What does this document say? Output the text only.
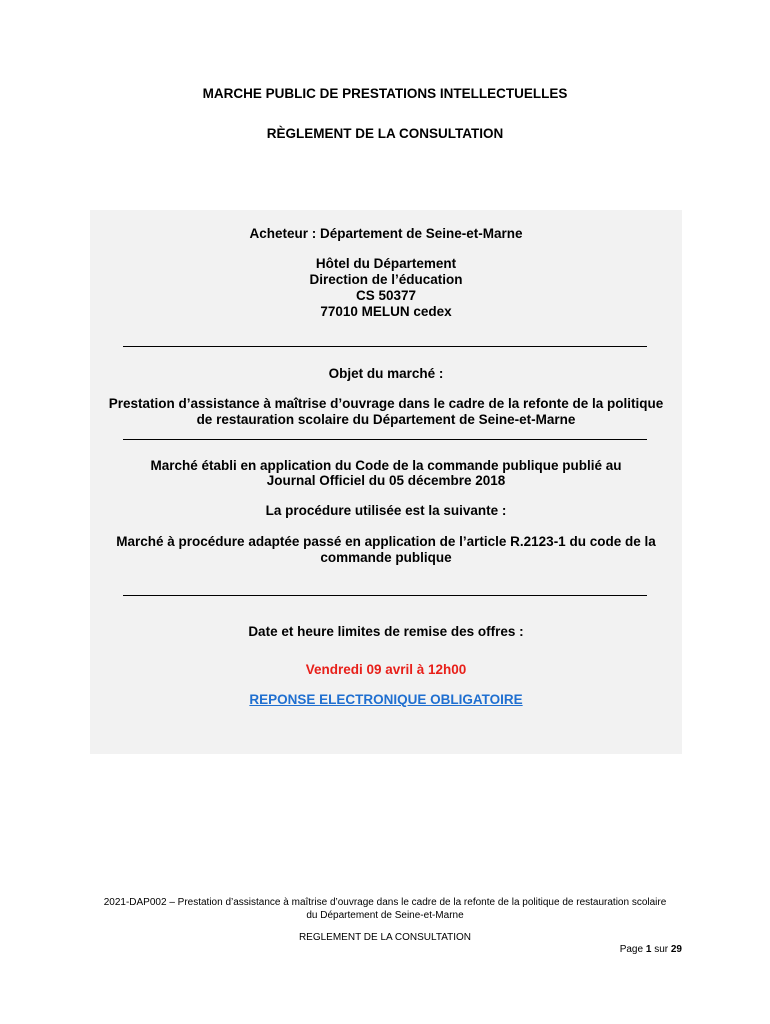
MARCHE PUBLIC DE PRESTATIONS INTELLECTUELLES
RÈGLEMENT DE LA CONSULTATION
Acheteur : Département de Seine-et-Marne
Hôtel du Département
Direction de l’éducation
CS 50377
77010 MELUN cedex
Objet du marché :
Prestation d’assistance à maîtrise d’ouvrage dans le cadre de la refonte de la politique
de restauration scolaire du Département de Seine-et-Marne
Marché établi en application du Code de la commande publique publié au
Journal Officiel du 05 décembre 2018
La procédure utilisée est la suivante :
Marché à procédure adaptée passé en application de l’article R.2123-1 du code de la
commande publique
Date et heure limites de remise des offres :
Vendredi 09 avril à 12h00
REPONSE ELECTRONIQUE OBLIGATOIRE
2021-DAP002 – Prestation d’assistance à maîtrise d’ouvrage dans le cadre de la refonte de la politique de restauration scolaire
du Département de Seine-et-Marne
REGLEMENT DE LA CONSULTATION
Page 1 sur 29
